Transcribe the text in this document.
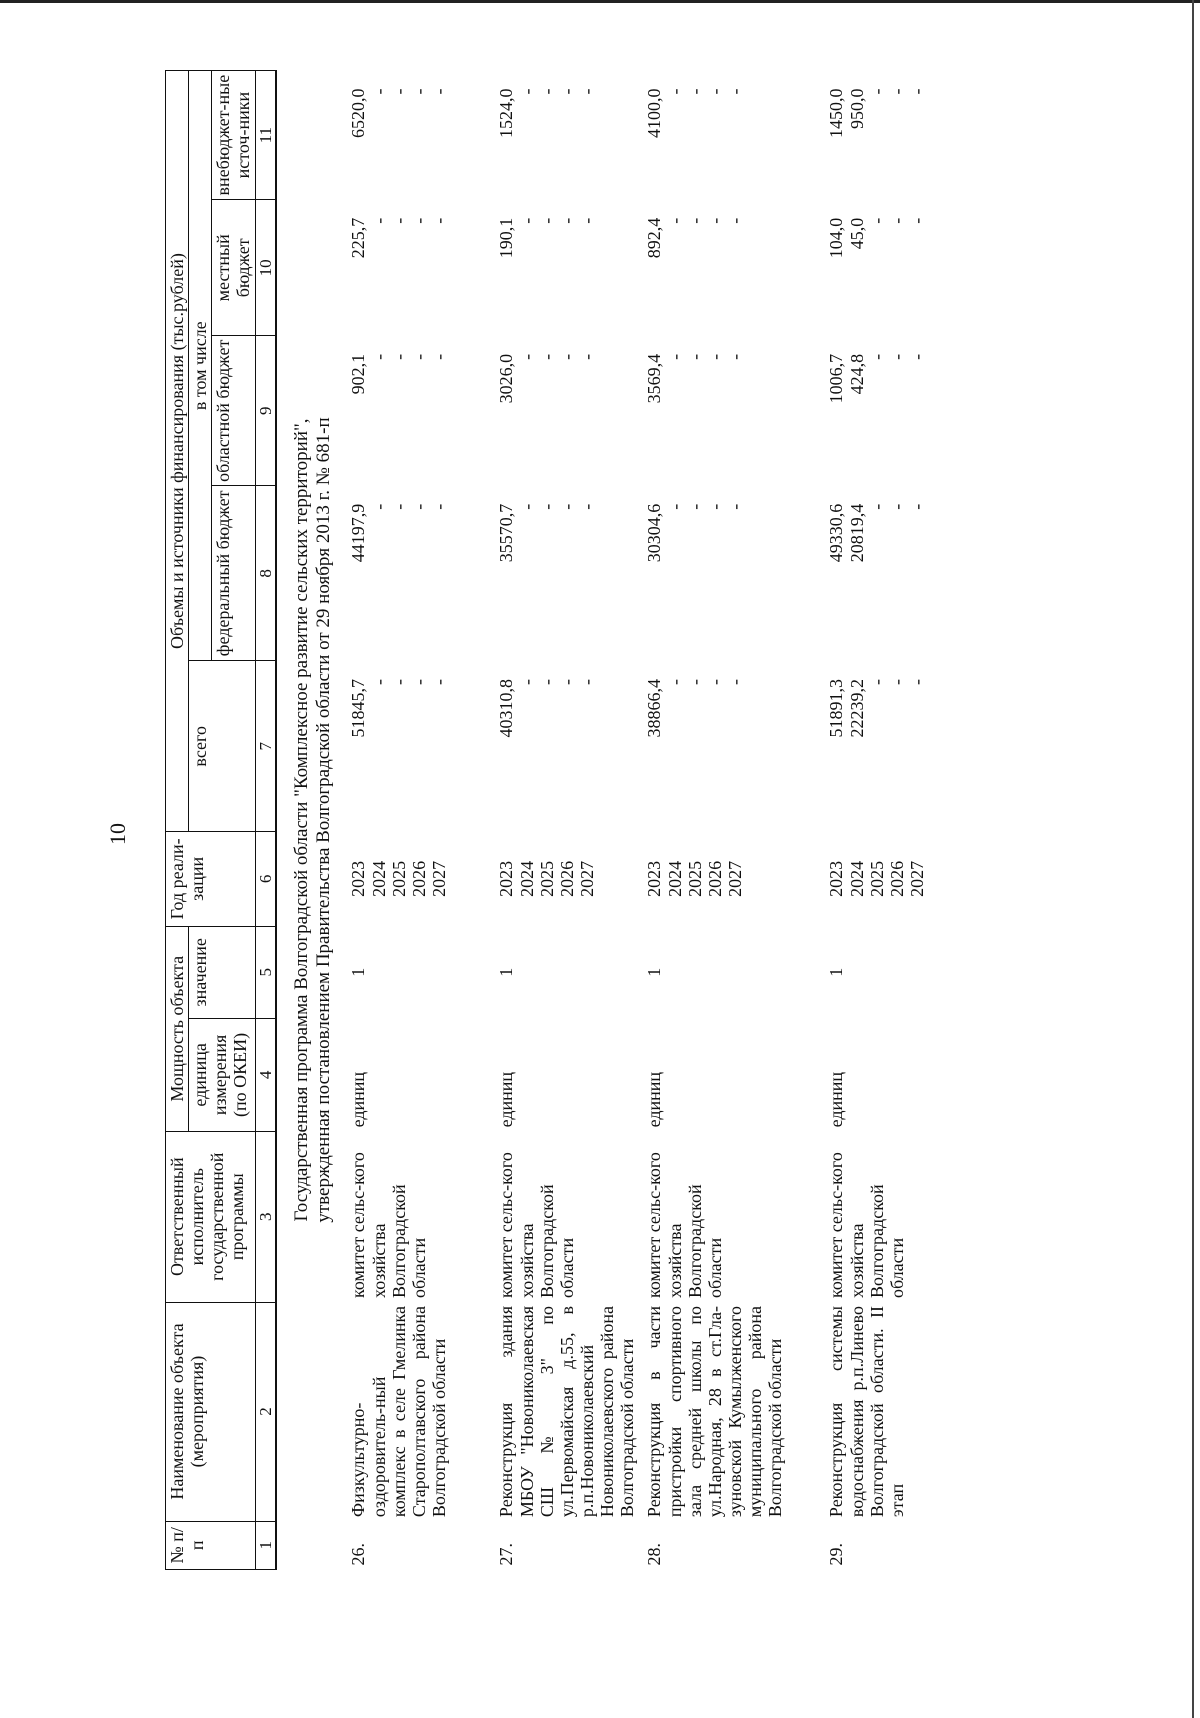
10
№ п/п	Наименование объекта (мероприятия)	Ответственный исполнитель государственной программы	Мощность объекта		Год реали-зации	Объемы и источники финансирования (тыс.рублей)				
			единица измерения (по ОКЕИ)	значение		всего	в том числе			
							федеральный бюджет	областной бюджет	местный бюджет	внебюджет-ные источ-ники
1	2	3	4	5	6	7	8	9	10	11

Государственная программа Волгоградской области "Комплексное развитие сельских территорий", утвержденная постановлением Правительства Волгоградской области от 29 ноября 2013 г. № 681-п										

26.	Физкультурно-оздоровитель-ный комплекс в селе Гмелинка Старополтавского района Волгоградской области	комитет сельс-кого хозяйства Волгоградской области	единиц	1	2023 2024 2025 2026 2027	51845,7 - - - -	44197,9 - - - -	902,1 - - - -	225,7 - - - -	6520,0 - - - -

27.	Реконструкция здания МБОУ "Новониколаевская СШ № 3" по ул.Первомайская д.55, в р.п.Новониколаевский Новониколаевского района Волгоградской области	комитет сельс-кого хозяйства Волгоградской области	единиц	1	2023 2024 2025 2026 2027	40310,8 - - - -	35570,7 - - - -	3026,0 - - - -	190,1 - - - -	1524,0 - - - -

28.	Реконструкция в части пристройки спортивного зала средней школы по ул.Народная, 28 в ст.Гла-зуновской Кумылженского муниципального района Волгоградской области	комитет сельс-кого хозяйства Волгоградской области	единиц	1	2023 2024 2025 2026 2027	38866,4 - - - -	30304,6 - - - -	3569,4 - - - -	892,4 - - - -	4100,0 - - - -

29.	Реконструкция системы водоснабжения р.п.Линево Волгоградской области. II этап	комитет сельс-кого хозяйства Волгоградской области	единиц	1	2023 2024 2025 2026 2027	51891,3 22239,2 - - -	49330,6 20819,4 - - -	1006,7 424,8 - - -	104,0 45,0 - - -	1450,0 950,0 - - -
